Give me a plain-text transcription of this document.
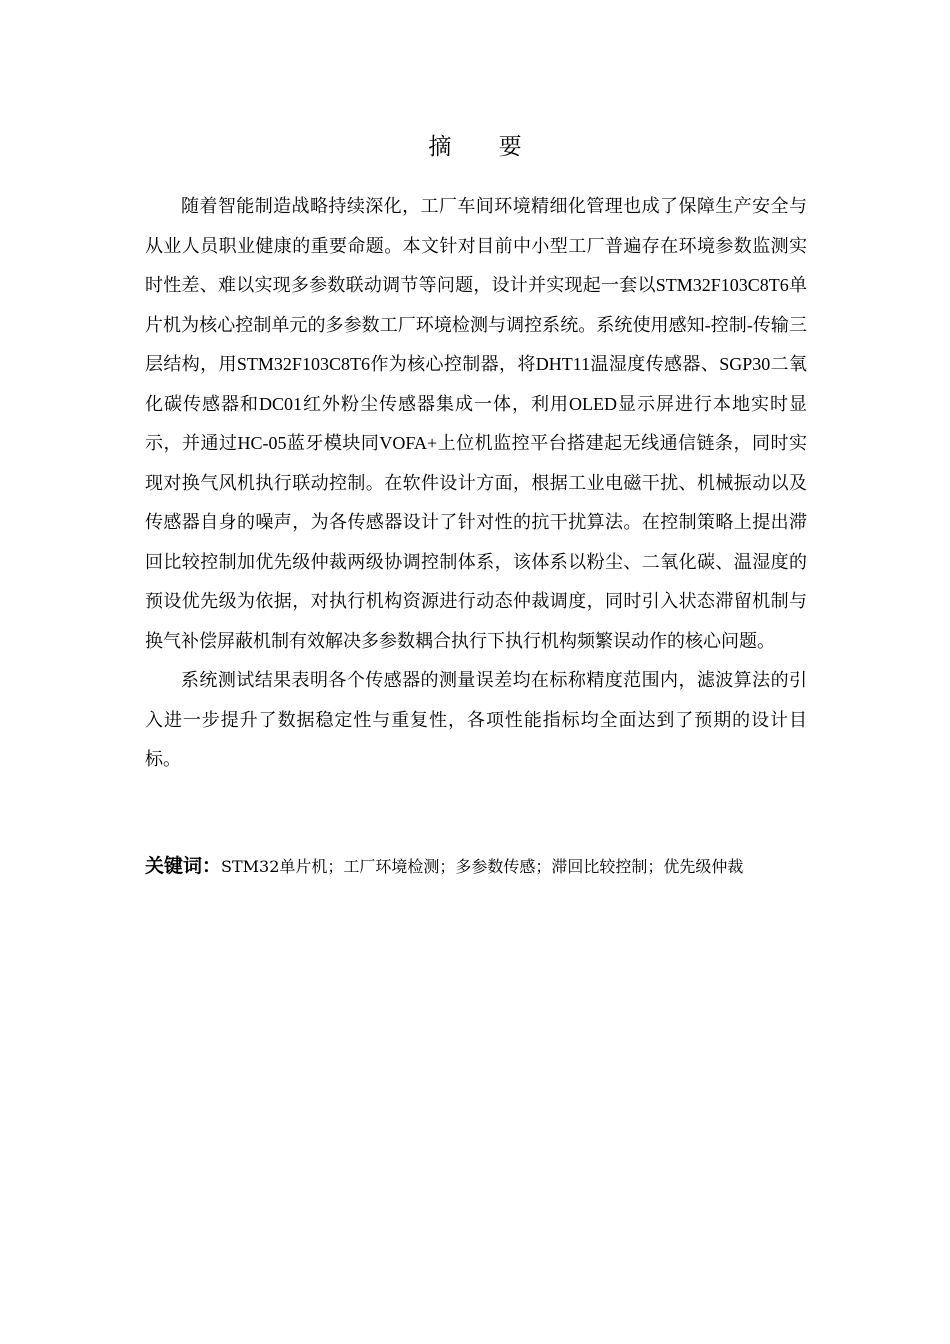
摘 要

随着智能制造战略持续深化，工厂车间环境精细化管理也成了保障生产安全与从业人员职业健康的重要命题。本文针对目前中小型工厂普遍存在环境参数监测实时性差、难以实现多参数联动调节等问题，设计并实现起一套以STM32F103C8T6单片机为核心控制单元的多参数工厂环境检测与调控系统。系统使用感知-控制-传输三层结构，用STM32F103C8T6作为核心控制器，将DHT11温湿度传感器、SGP30二氧化碳传感器和DC01红外粉尘传感器集成一体，利用OLED显示屏进行本地实时显示，并通过HC-05蓝牙模块同VOFA+上位机监控平台搭建起无线通信链条，同时实现对换气风机执行联动控制。在软件设计方面，根据工业电磁干扰、机械振动以及传感器自身的噪声，为各传感器设计了针对性的抗干扰算法。在控制策略上提出滞回比较控制加优先级仲裁两级协调控制体系，该体系以粉尘、二氧化碳、温湿度的预设优先级为依据，对执行机构资源进行动态仲裁调度，同时引入状态滞留机制与换气补偿屏蔽机制有效解决多参数耦合执行下执行机构频繁误动作的核心问题。

系统测试结果表明各个传感器的测量误差均在标称精度范围内，滤波算法的引入进一步提升了数据稳定性与重复性，各项性能指标均全面达到了预期的设计目标。

关键词：STM32单片机；工厂环境检测；多参数传感；滞回比较控制；优先级仲裁
